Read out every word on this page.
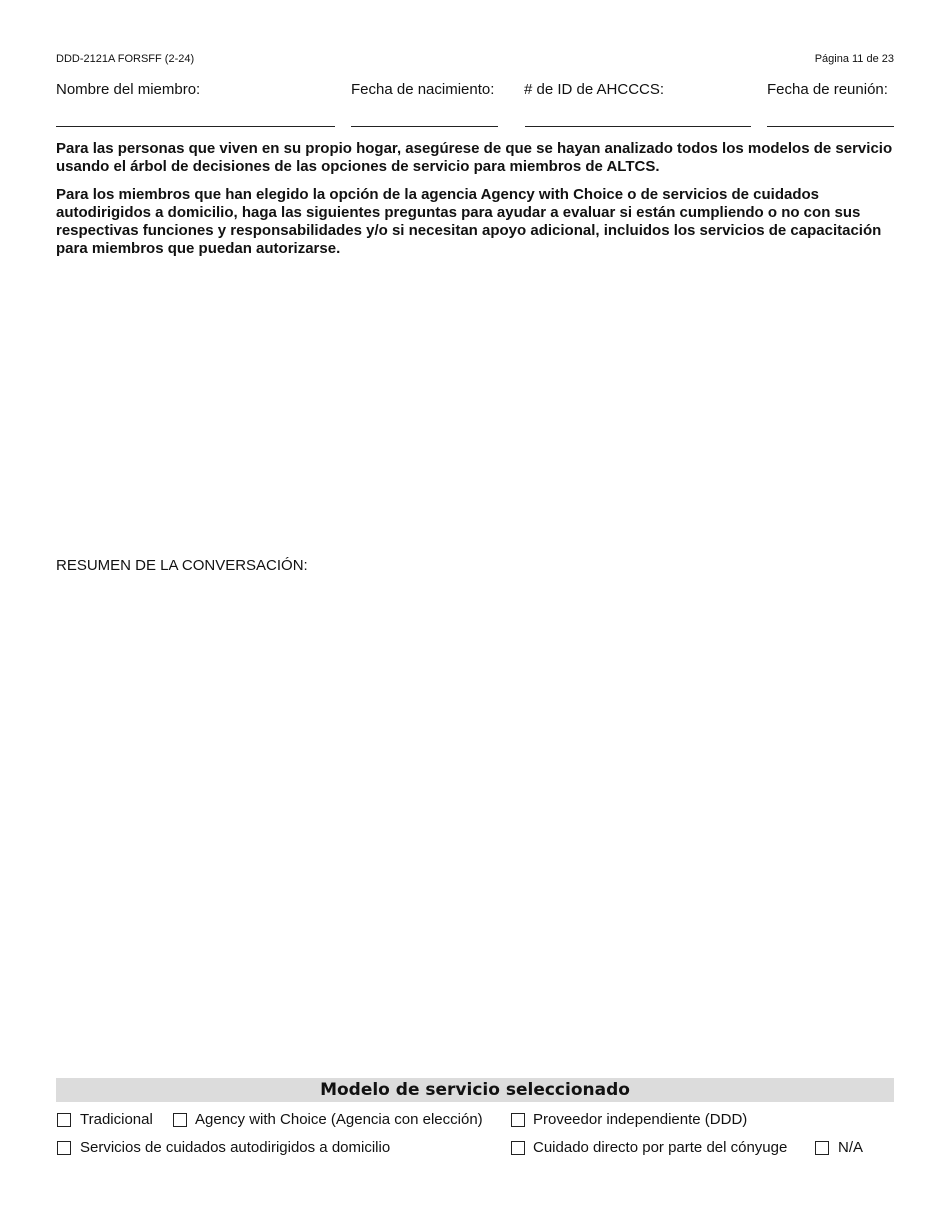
DDD-2121A FORSFF (2-24)	Página 11 de 23
Nombre del miembro:	Fecha de nacimiento: # de ID de AHCCCS:	Fecha de reunión:
Para las personas que viven en su propio hogar, asegúrese de que se hayan analizado todos los modelos de servicio usando el árbol de decisiones de las opciones de servicio para miembros de ALTCS.
Para los miembros que han elegido la opción de la agencia Agency with Choice o de servicios de cuidados autodirigidos a domicilio, haga las siguientes preguntas para ayudar a evaluar si están cumpliendo o no con sus respectivas funciones y responsabilidades y/o si necesitan apoyo adicional, incluidos los servicios de capacitación para miembros que puedan autorizarse.
RESUMEN DE LA CONVERSACIÓN:
Modelo de servicio seleccionado
Tradicional	Agency with Choice (Agencia con elección)	Proveedor independiente (DDD)
Servicios de cuidados autodirigidos a domicilio	Cuidado directo por parte del cónyuge	N/A
